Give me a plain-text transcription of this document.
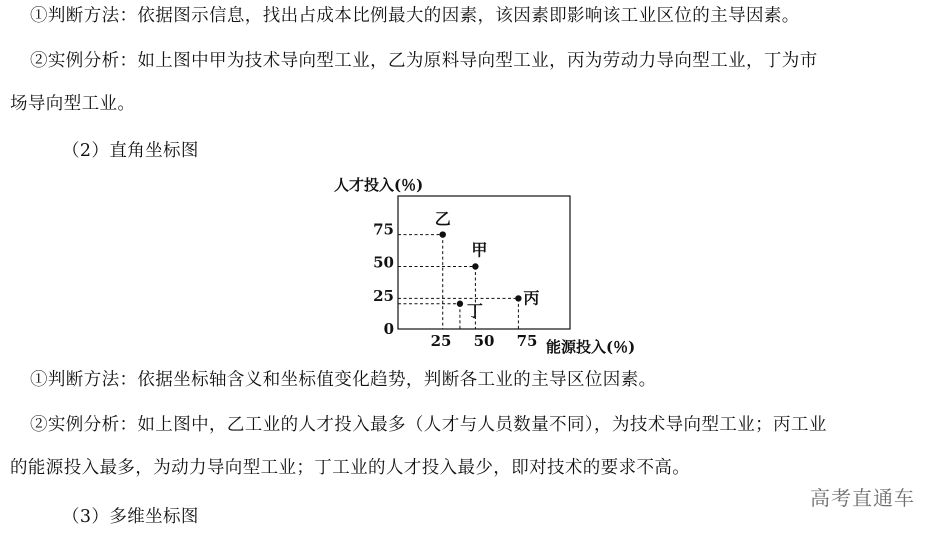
①判断方法：依据图示信息，找出占成本比例最大的因素，该因素即影响该工业区位的主导因素。
②实例分析：如上图中甲为技术导向型工业，乙为原料导向型工业，丙为劳动力导向型工业，丁为市
场导向型工业。
（2）直角坐标图
人才投入(％)
能源投入(％)
25 50 75
75
50
25
0
乙
甲
丙
丁
①判断方法：依据坐标轴含义和坐标值变化趋势，判断各工业的主导区位因素。
②实例分析：如上图中，乙工业的人才投入最多（人才与人员数量不同），为技术导向型工业；丙工业
的能源投入最多，为动力导向型工业；丁工业的人才投入最少，即对技术的要求不高。
（3）多维坐标图
高考直通车
